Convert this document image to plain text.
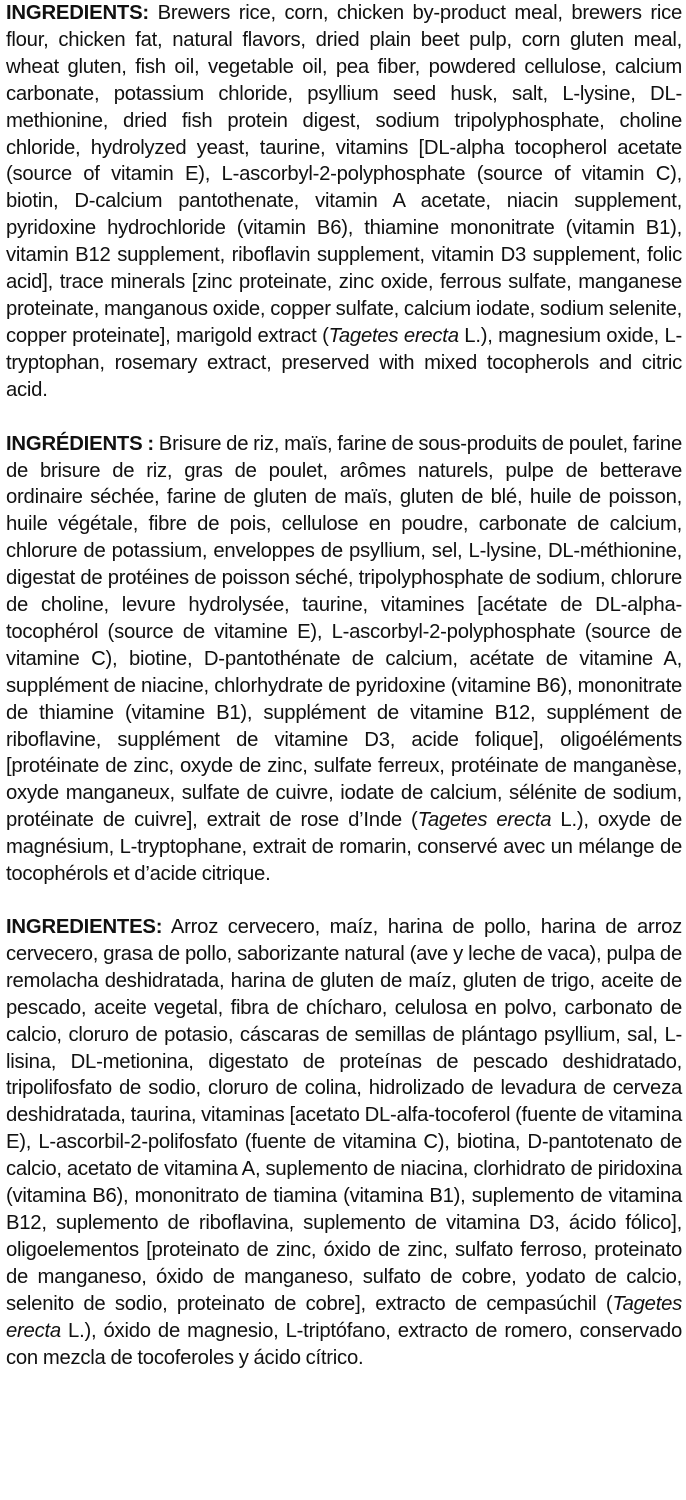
INGREDIENTS: Brewers rice, corn, chicken by-product meal, brewers rice flour, chicken fat, natural flavors, dried plain beet pulp, corn gluten meal, wheat gluten, fish oil, vegetable oil, pea fiber, powdered cellulose, calcium carbonate, potassium chloride, psyllium seed husk, salt, L-lysine, DL-methionine, dried fish protein digest, sodium tripolyphosphate, choline chloride, hydrolyzed yeast, taurine, vitamins [DL-alpha tocopherol acetate (source of vitamin E), L-ascorbyl-2-polyphosphate (source of vitamin C), biotin, D-calcium pantothenate, vitamin A acetate, niacin supplement, pyridoxine hydrochloride (vitamin B6), thiamine mononitrate (vitamin B1), vitamin B12 supplement, riboflavin supplement, vitamin D3 supplement, folic acid], trace minerals [zinc proteinate, zinc oxide, ferrous sulfate, manganese proteinate, manganous oxide, copper sulfate, calcium iodate, sodium selenite, copper proteinate], marigold extract (Tagetes erecta L.), magnesium oxide, L-tryptophan, rosemary extract, preserved with mixed tocopherols and citric acid.

INGRÉDIENTS : Brisure de riz, maïs, farine de sous-produits de poulet, farine de brisure de riz, gras de poulet, arômes naturels, pulpe de betterave ordinaire séchée, farine de gluten de maïs, gluten de blé, huile de poisson, huile végétale, fibre de pois, cellulose en poudre, carbonate de calcium, chlorure de potassium, enveloppes de psyllium, sel, L-lysine, DL-méthionine, digestat de protéines de poisson séché, tripolyphosphate de sodium, chlorure de choline, levure hydrolysée, taurine, vitamines [acétate de DL-alpha-tocophérol (source de vitamine E), L-ascorbyl-2-polyphosphate (source de vitamine C), biotine, D-pantothénate de calcium, acétate de vitamine A, supplément de niacine, chlorhydrate de pyridoxine (vitamine B6), mononitrate de thiamine (vitamine B1), supplément de vitamine B12, supplément de riboflavine, supplément de vitamine D3, acide folique], oligoéléments [protéinate de zinc, oxyde de zinc, sulfate ferreux, protéinate de manganèse, oxyde manganeux, sulfate de cuivre, iodate de calcium, sélénite de sodium, protéinate de cuivre], extrait de rose d’Inde (Tagetes erecta L.), oxyde de magnésium, L-tryptophane, extrait de romarin, conservé avec un mélange de tocophérols et d’acide citrique.

INGREDIENTES: Arroz cervecero, maíz, harina de pollo, harina de arroz cervecero, grasa de pollo, saborizante natural (ave y leche de vaca), pulpa de remolacha deshidratada, harina de gluten de maíz, gluten de trigo, aceite de pescado, aceite vegetal, fibra de chícharo, celulosa en polvo, carbonato de calcio, cloruro de potasio, cáscaras de semillas de plántago psyllium, sal, L-lisina, DL-metionina, digestato de proteínas de pescado deshidratado, tripolifosfato de sodio, cloruro de colina, hidrolizado de levadura de cerveza deshidratada, taurina, vitaminas [acetato DL-alfa-tocoferol (fuente de vitamina E), L-ascorbil-2-polifosfato (fuente de vitamina C), biotina, D-pantotenato de calcio, acetato de vitamina A, suplemento de niacina, clorhidrato de piridoxina (vitamina B6), mononitrato de tiamina (vitamina B1), suplemento de vitamina B12, suplemento de riboflavina, suplemento de vitamina D3, ácido fólico], oligoelementos [proteinato de zinc, óxido de zinc, sulfato ferroso, proteinato de manganeso, óxido de manganeso, sulfato de cobre, yodato de calcio, selenito de sodio, proteinato de cobre], extracto de cempasúchil (Tagetes erecta L.), óxido de magnesio, L-triptófano, extracto de romero, conservado con mezcla de tocoferoles y ácido cítrico.
